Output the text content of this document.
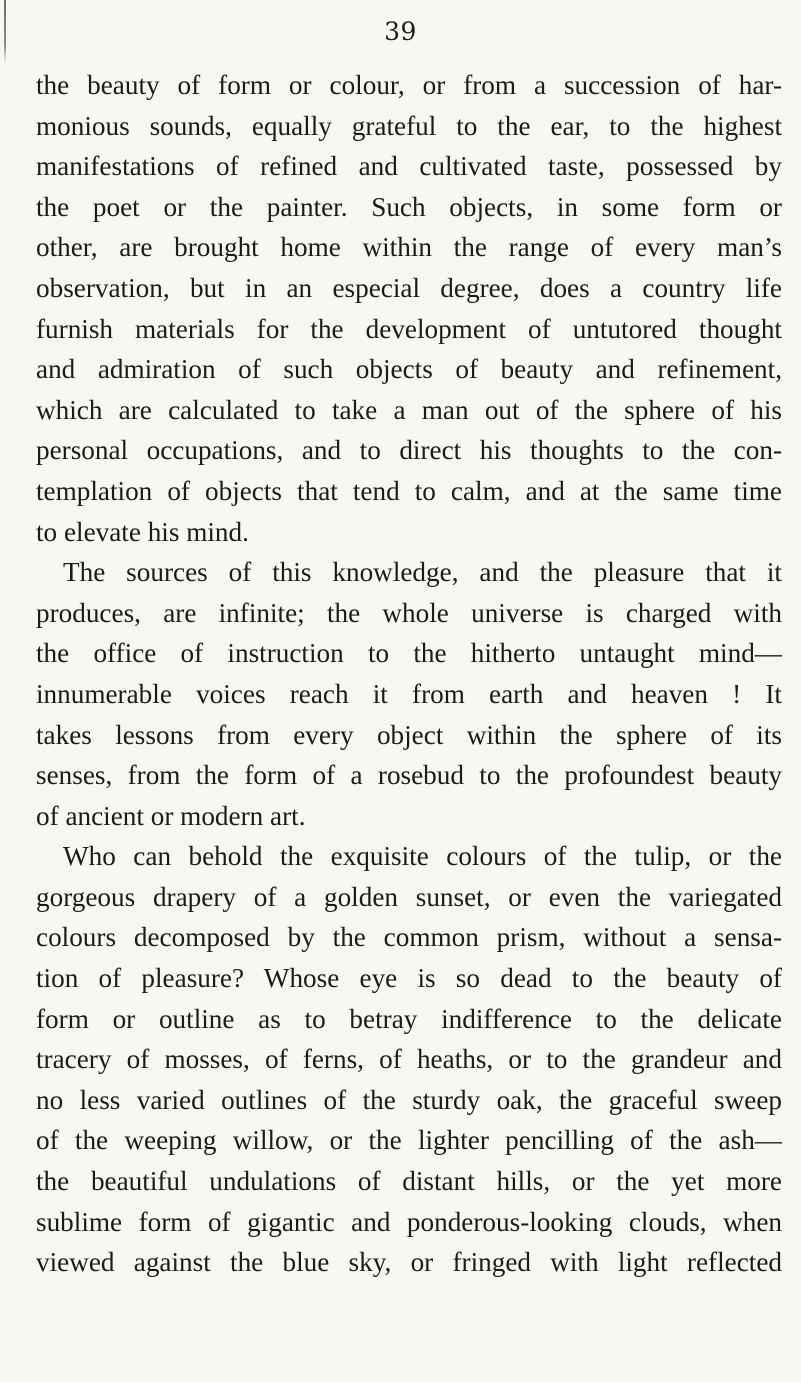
39
the beauty of form or colour, or from a succession of har-
monious sounds, equally grateful to the ear, to the highest
manifestations of refined and cultivated taste, possessed by
the poet or the painter. Such objects, in some form or
other, are brought home within the range of every man’s
observation, but in an especial degree, does a country life
furnish materials for the development of untutored thought
and admiration of such objects of beauty and refinement,
which are calculated to take a man out of the sphere of his
personal occupations, and to direct his thoughts to the con-
templation of objects that tend to calm, and at the same time
to elevate his mind.
The sources of this knowledge, and the pleasure that it
produces, are infinite; the whole universe is charged with
the office of instruction to the hitherto untaught mind—
innumerable voices reach it from earth and heaven ! It
takes lessons from every object within the sphere of its
senses, from the form of a rosebud to the profoundest beauty
of ancient or modern art.
Who can behold the exquisite colours of the tulip, or the
gorgeous drapery of a golden sunset, or even the variegated
colours decomposed by the common prism, without a sensa-
tion of pleasure? Whose eye is so dead to the beauty of
form or outline as to betray indifference to the delicate
tracery of mosses, of ferns, of heaths, or to the grandeur and
no less varied outlines of the sturdy oak, the graceful sweep
of the weeping willow, or the lighter pencilling of the ash—
the beautiful undulations of distant hills, or the yet more
sublime form of gigantic and ponderous-looking clouds, when
viewed against the blue sky, or fringed with light reflected
